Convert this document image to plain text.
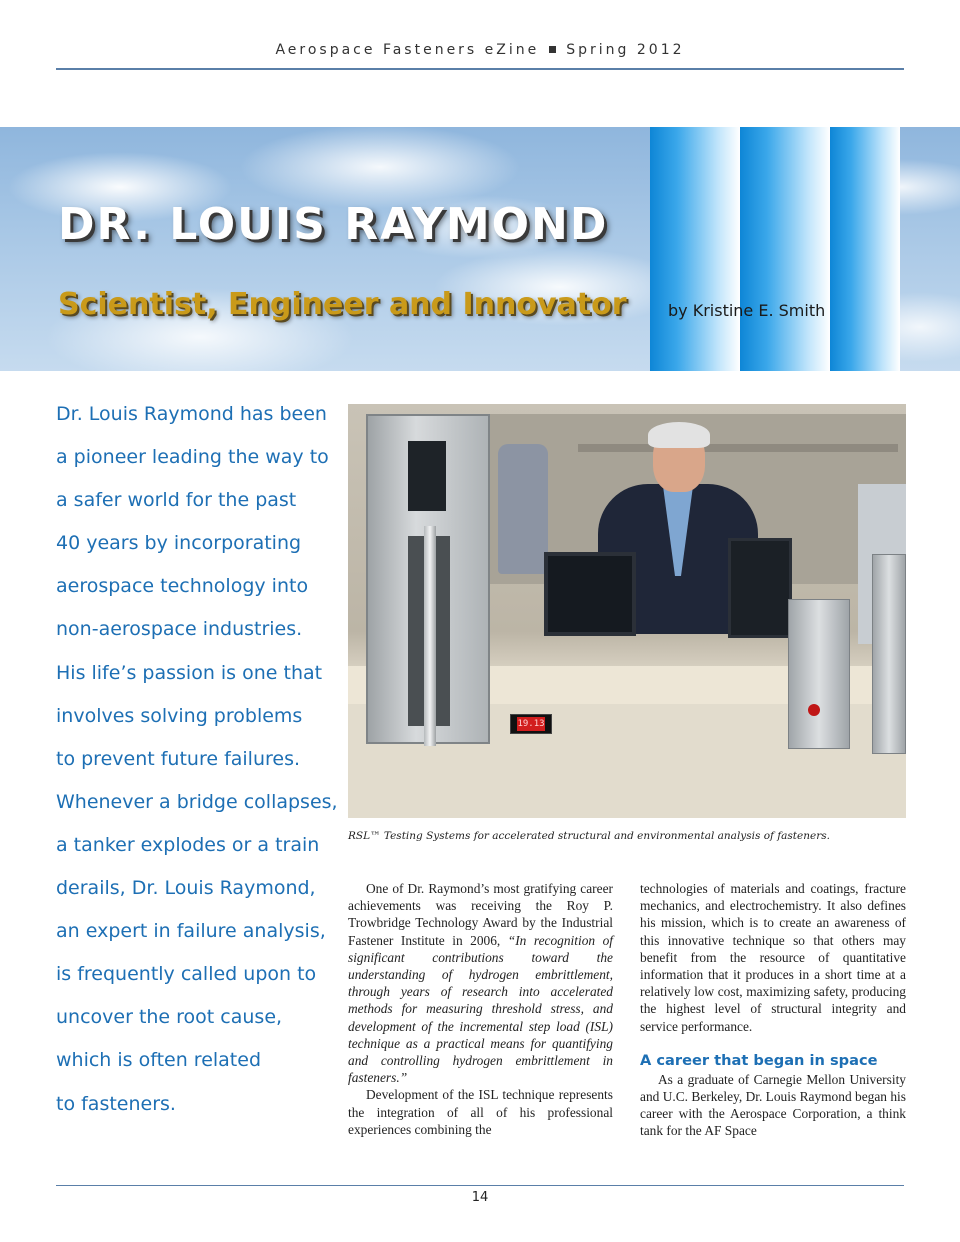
Aerospace Fasteners eZine Spring 2012
DR. LOUIS RAYMOND
Scientist, Engineer and Innovator	by Kristine E. Smith
Dr. Louis Raymond has been
a pioneer leading the way to
a safer world for the past
40 years by incorporating
aerospace technology into
non-aerospace industries.
His life’s passion is one that
involves solving problems
to prevent future failures.
Whenever a bridge collapses,
a tanker explodes or a train
derails, Dr. Louis Raymond,
an expert in failure analysis,
is frequently called upon to
uncover the root cause,
which is often related
to fasteners.
19.13
RSL™ Testing Systems for accelerated structural and environmental analysis of fasteners.

One of Dr. Raymond’s most gratifying career achievements was receiving the Roy P. Trowbridge Technology Award by the Industrial Fastener Institute in 2006, “In recognition of significant contributions toward the understanding of hydrogen embrittlement, through years of research into accelerated methods for measuring threshold stress, and development of the incremental step load (ISL) technique as a practical means for quantifying and controlling hydrogen embrittlement in fasteners.”

Development of the ISL technique represents the integration of all of his professional experiences combining the

technologies of materials and coatings, fracture mechanics, and electrochemistry. It also defines his mission, which is to create an awareness of this innovative technique so that others may benefit from the resource of quantitative information that it produces in a short time at a relatively low cost, maximizing safety, producing the highest level of structural integrity and service performance.

A career that began in space

As a graduate of Carnegie Mellon University and U.C. Berkeley, Dr. Louis Raymond began his career with the Aerospace Corporation, a think tank for the AF Space

14
